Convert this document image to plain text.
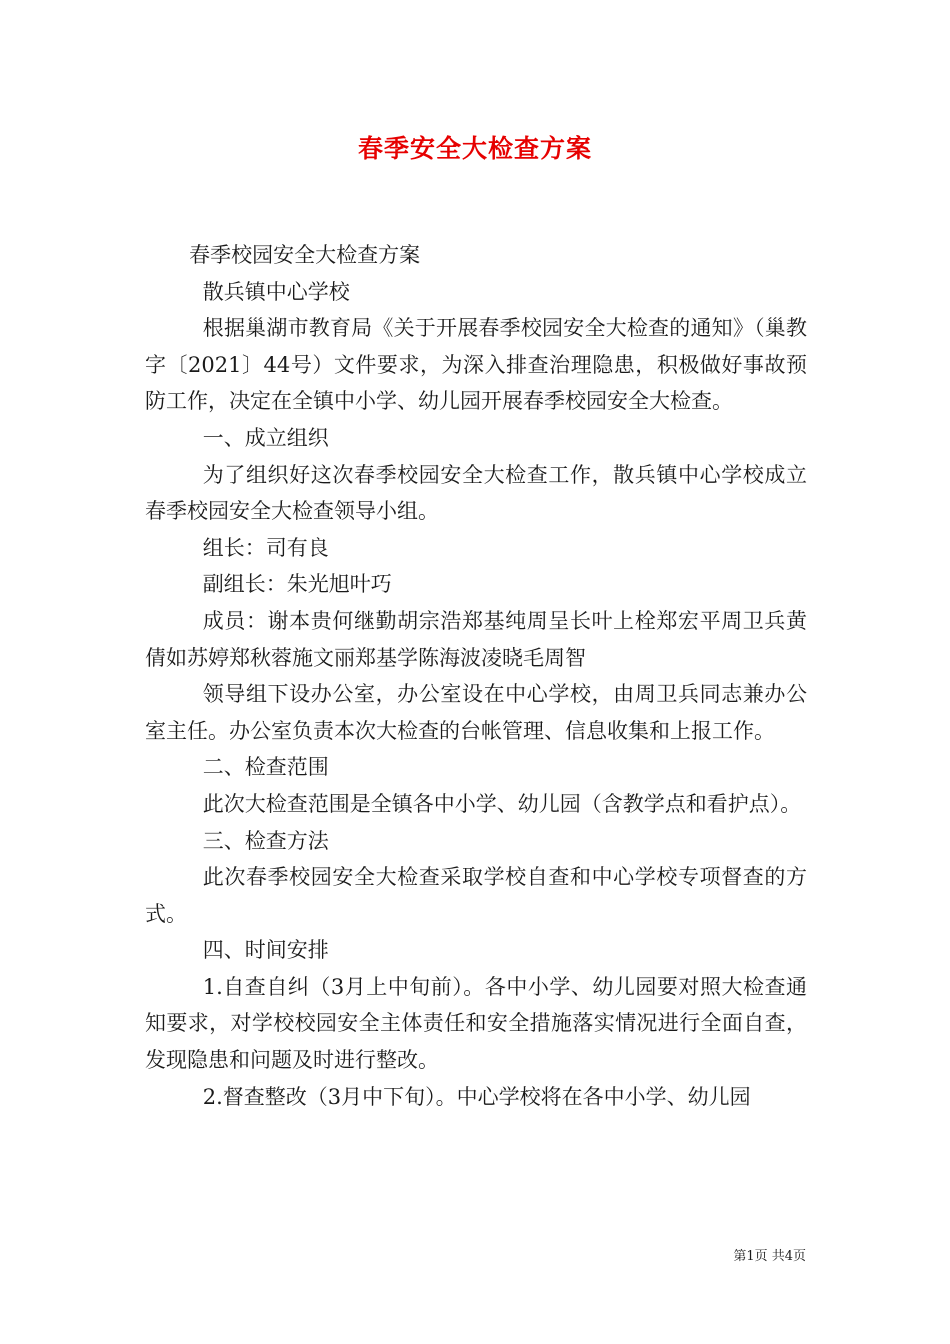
春季安全大检查方案

春季校园安全大检查方案

散兵镇中心学校

根据巢湖市教育局《关于开展春季校园安全大检查的通知》（巢教字〔2021〕44号）文件要求，为深入排查治理隐患，积极做好事故预防工作，决定在全镇中小学、幼儿园开展春季校园安全大检查。

一、成立组织

为了组织好这次春季校园安全大检查工作，散兵镇中心学校成立春季校园安全大检查领导小组。

组长：司有良

副组长：朱光旭叶巧

成员：谢本贵何继勤胡宗浩郑基纯周呈长叶上栓郑宏平周卫兵黄倩如苏婷郑秋蓉施文丽郑基学陈海波凌晓毛周智

领导组下设办公室，办公室设在中心学校，由周卫兵同志兼办公室主任。办公室负责本次大检查的台帐管理、信息收集和上报工作。

二、检查范围

此次大检查范围是全镇各中小学、幼儿园（含教学点和看护点）。

三、检查方法

此次春季校园安全大检查采取学校自查和中心学校专项督查的方式。

四、时间安排

1.自查自纠（3月上中旬前）。各中小学、幼儿园要对照大检查通知要求，对学校校园安全主体责任和安全措施落实情况进行全面自查，发现隐患和问题及时进行整改。

2.督查整改（3月中下旬）。中心学校将在各中小学、幼儿园

第1页 共4页
